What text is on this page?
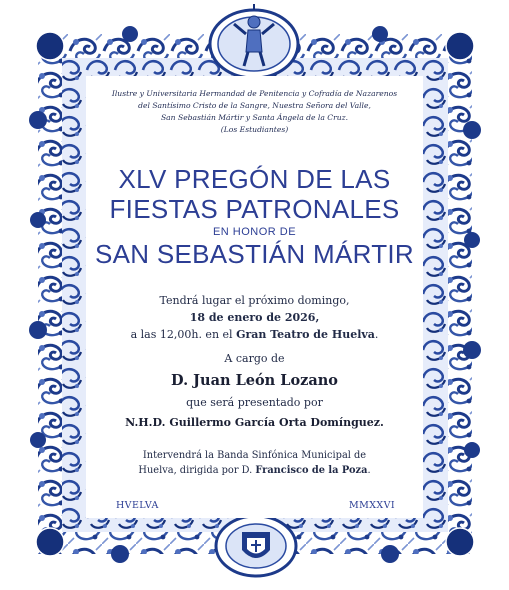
Ilustre y Universitaria Hermandad de Penitencia y Cofradía de Nazarenos
del Santísimo Cristo de la Sangre, Nuestra Señora del Valle,
San Sebastián Mártir y Santa Ángela de la Cruz.
(Los Estudiantes)

XLV PREGÓN DE LAS
FIESTAS PATRONALES
EN HONOR DE
SAN SEBASTIÁN MÁRTIR
Tendrá lugar el próximo domingo,
18 de enero de 2026,
a las 12,00h. en el Gran Teatro de Huelva.
A cargo de
D. Juan León Lozano
que será presentado por
N.H.D. Guillermo García Orta Domínguez.
Intervendrá la Banda Sinfónica Municipal de
Huelva, dirigida por D. Francisco de la Poza.
HVELVA	MMXXVI
